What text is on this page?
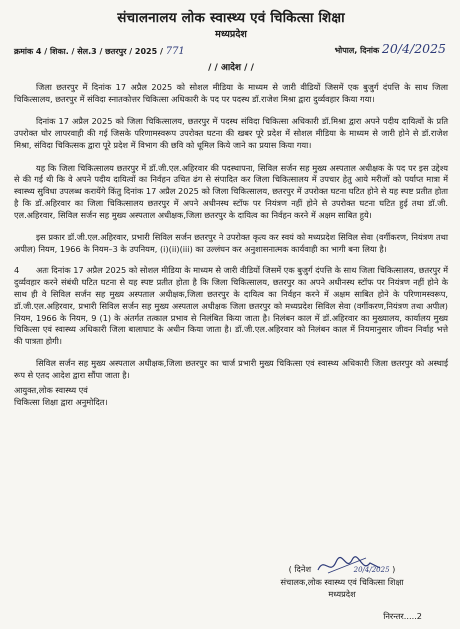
संचालनालय लोक स्वास्थ्य एवं चिकित्सा शिक्षा
मध्यप्रदेश
क्रमांक 4 / शिका. / सेल.3 / छतरपुर / 2025 / 771	भोपाल, दिनांक 20/4/2025
/ / आदेश / /

जिला छतरपुर में दिनांक 17 अप्रैल 2025 को सोशल मीडिया के माध्यम से जारी वीडियों जिसमें एक बुजुर्ग दंपत्ति के साथ जिला चिकित्सालय, छतरपुर में संविदा स्नातकोत्तर चिकित्सा अधिकारी के पद पर पदस्थ डॉ.राजेश मिश्रा द्वारा दुर्व्यवहार किया गया।

दिनांक 17 अप्रैल 2025 को जिला चिकित्सालय, छतरपुर में पदस्थ संविदा चिकित्सा अधिकारी डॉ.मिश्रा द्वारा अपने पदीय दायित्वों के प्रति उपरोक्त घोर लापरवाही की गई जिसके परिणामस्वरूप उपरोक्त घटना की खबर पूरे प्रदेश में सोशल मीडिया के माध्यम से जारी होने से डॉ.राजेश मिश्रा, संविदा चिकित्सक द्वारा पूरे प्रदेश में विभाग की छवि को धूमिल किये जाने का प्रयास किया गया।

यह कि जिला चिकित्सालय छतरपुर में डॉ.जी.एल.अहिरवार की पदस्थापना, सिविल सर्जन सह मुख्य अस्पताल अधीक्षक के पद पर इस उद्देश्य से की गई थी कि वे अपने पदीय दायित्वों का निर्वहन उचित ढंग से संपादित कर जिला चिकित्सालय में उपचार हेतु आये मरीजों को पर्याप्त मात्रा में स्वास्थ्य सुविधा उपलब्ध करायेंगे किंतु दिनांक 17 अप्रैल 2025 को जिला चिकित्सालय, छतरपुर में उपरोक्त घटना घटित होने से यह स्पष्ट प्रतीत होता है कि डॉ.अहिरवार का जिला चिकित्सालय छतरपुर में अपने अधीनस्थ स्टॉफ पर नियंत्रण नहीं होने से उपरोक्त घटना घटित हुई तथा डॉ.जी. एल.अहिरवार, सिविल सर्जन सह मुख्य अस्पताल अधीक्षक,जिला छतरपुर के दायित्व का निर्वहन करने में अक्षम साबित हुये।

इस प्रकार डॉ.जी.एल.अहिरवार, प्रभारी सिविल सर्जन छतरपुर ने उपरोक्त कृत्य कर स्वयं को मध्यप्रदेश सिविल सेवा (वर्गीकरण, नियंत्रण तथा अपील) नियम, 1966 के नियम–3 के उपनियम, (i)(ii)(iii) का उल्लंघन कर अनुशासनात्मक कार्यवाही का भागी बना लिया है।

4 अतः दिनांक 17 अप्रैल 2025 को सोशल मीडिया के माध्यम से जारी वीडियों जिसमें एक बुजुर्ग दंपत्ति के साथ जिला चिकित्सालय, छतरपुर में दुर्व्यवहार करने संबंधी घटित घटना से यह स्पष्ट प्रतीत होता है कि जिला चिकित्सालय, छतरपुर का अपने अधीनस्थ स्टॉफ पर नियंत्रण नहीं होने के साथ ही वे सिविल सर्जन सह मुख्य अस्पताल अधीक्षक,जिला छतरपुर के दायित्व का निर्वहन करने में अक्षम साबित होने के परिणामस्वरूप, डॉ.जी.एल.अहिरवार, प्रभारी सिविल सर्जन सह मुख्य अस्पताल अधीक्षक जिला छतरपुर को मध्यप्रदेश सिविल सेवा (वर्गीकरण,नियंत्रण तथा अपील) नियम, 1966 के नियम, 9 (1) के अंतर्गत तत्काल प्रभाव से निलंबित किया जाता है। निलंबन काल में डॉ.अहिरवार का मुख्यालय, कार्यालय मुख्य चिकित्सा एवं स्वास्थ्य अधिकारी जिला बालाघाट के अधीन किया जाता है। डॉ.जी.एल.अहिरवार को निलंबन काल में नियमानुसार जीवन निर्वाह भत्ते की पात्रता होगी।

सिविल सर्जन सह मुख्य अस्पताल अधीक्षक,जिला छतरपुर का चार्ज प्रभारी मुख्य चिकित्सा एवं स्वास्थ्य अधिकारी जिला छतरपुर को अस्थाई रूप से एतद आदेश द्वारा सौंपा जाता है।

आयुक्त,लोक स्वास्थ्य एवं
चिकित्सा शिक्षा द्वारा अनुमोदित।
( दिनेश	20/4/2025 )
संचालक,लोक स्वास्थ्य एवं चिकित्सा शिक्षा
मध्यप्रदेश
निरन्तर.....2
